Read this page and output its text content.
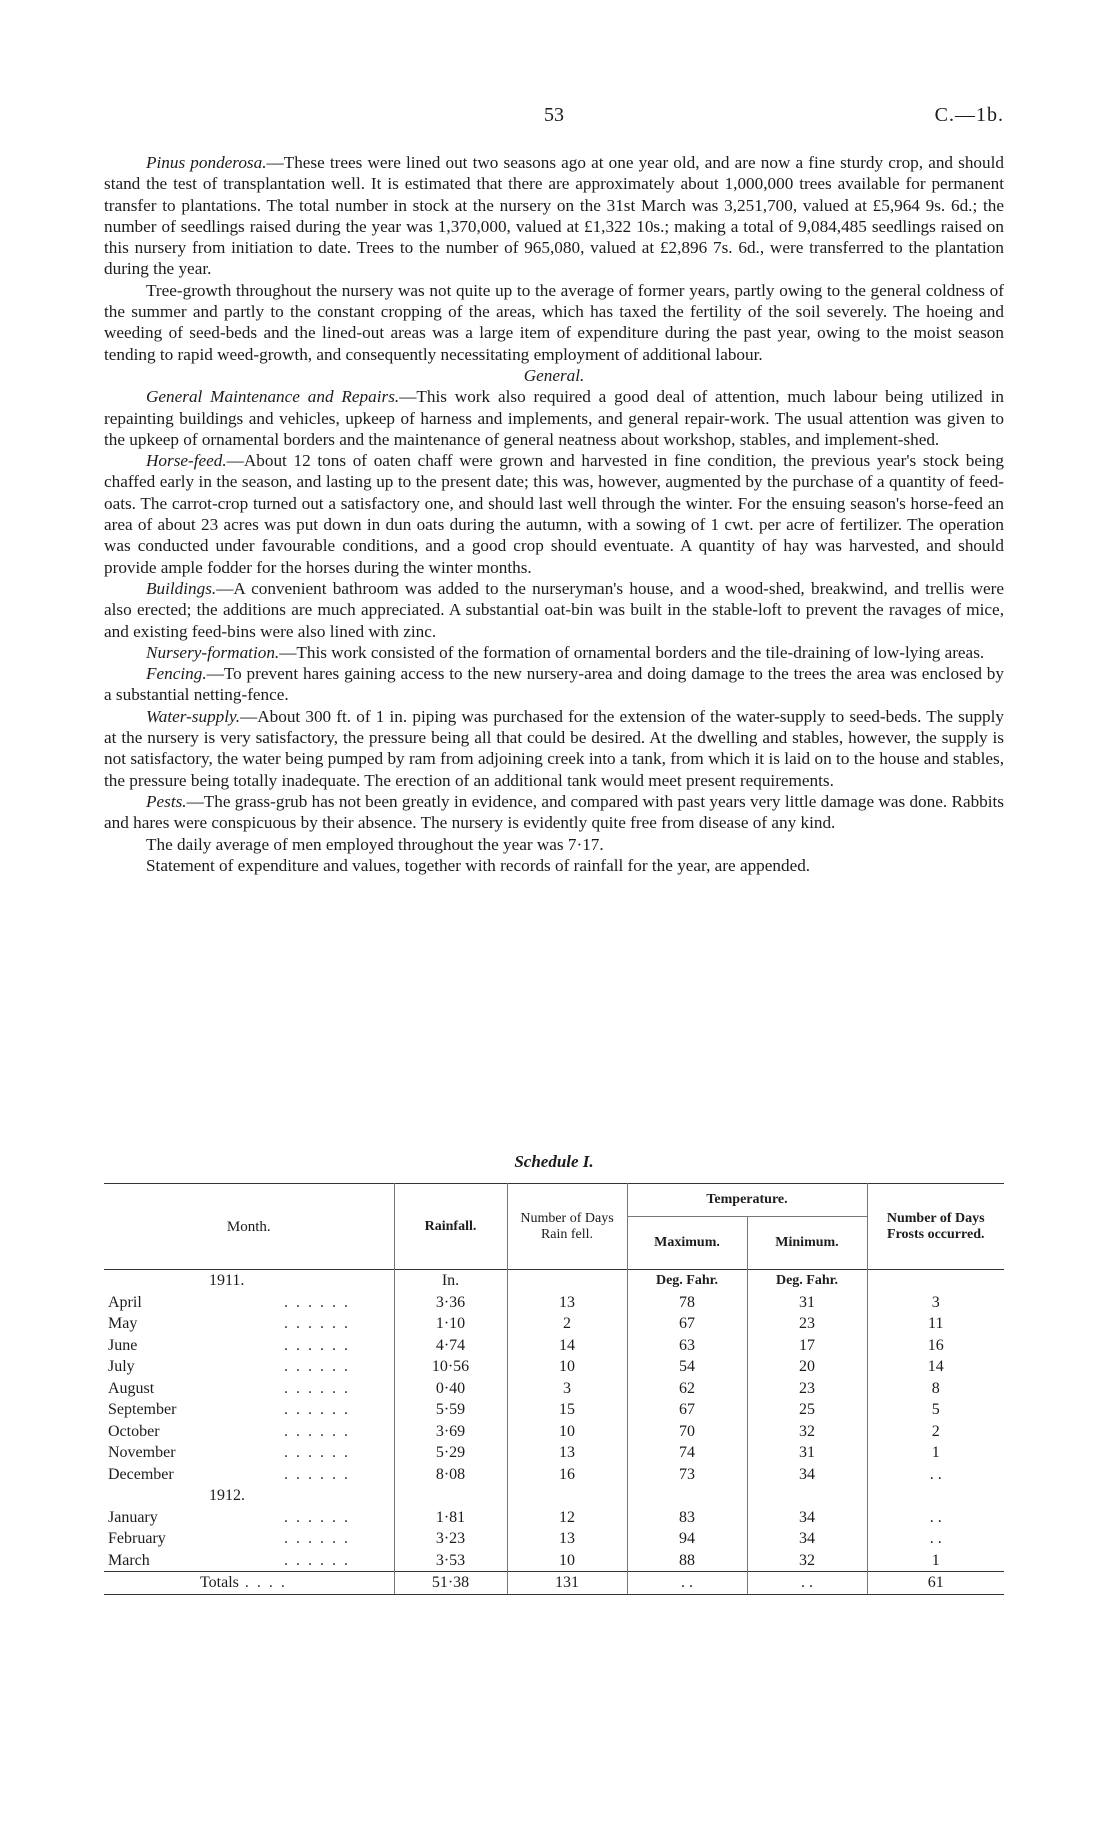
53	C.—1b.

Pinus ponderosa.—These trees were lined out two seasons ago at one year old, and are now a fine sturdy crop, and should stand the test of transplantation well. It is estimated that there are approximately about 1,000,000 trees available for permanent transfer to plantations. The total number in stock at the nursery on the 31st March was 3,251,700, valued at £5,964 9s. 6d.; the number of seedlings raised during the year was 1,370,000, valued at £1,322 10s.; making a total of 9,084,485 seedlings raised on this nursery from initiation to date. Trees to the number of 965,080, valued at £2,896 7s. 6d., were transferred to the plantation during the year.

Tree-growth throughout the nursery was not quite up to the average of former years, partly owing to the general coldness of the summer and partly to the constant cropping of the areas, which has taxed the fertility of the soil severely. The hoeing and weeding of seed-beds and the lined-out areas was a large item of expenditure during the past year, owing to the moist season tending to rapid weed-growth, and consequently necessitating employment of additional labour.

General.

General Maintenance and Repairs.—This work also required a good deal of attention, much labour being utilized in repainting buildings and vehicles, upkeep of harness and implements, and general repair-work. The usual attention was given to the upkeep of ornamental borders and the maintenance of general neatness about workshop, stables, and implement-shed.

Horse-feed.—About 12 tons of oaten chaff were grown and harvested in fine condition, the previous year's stock being chaffed early in the season, and lasting up to the present date; this was, however, augmented by the purchase of a quantity of feed-oats. The carrot-crop turned out a satisfactory one, and should last well through the winter. For the ensuing season's horse-feed an area of about 23 acres was put down in dun oats during the autumn, with a sowing of 1 cwt. per acre of fertilizer. The operation was conducted under favourable conditions, and a good crop should eventuate. A quantity of hay was harvested, and should provide ample fodder for the horses during the winter months.

Buildings.—A convenient bathroom was added to the nurseryman's house, and a wood-shed, breakwind, and trellis were also erected; the additions are much appreciated. A substantial oat-bin was built in the stable-loft to prevent the ravages of mice, and existing feed-bins were also lined with zinc.

Nursery-formation.—This work consisted of the formation of ornamental borders and the tile-draining of low-lying areas.

Fencing.—To prevent hares gaining access to the new nursery-area and doing damage to the trees the area was enclosed by a substantial netting-fence.

Water-supply.—About 300 ft. of 1 in. piping was purchased for the extension of the water-supply to seed-beds. The supply at the nursery is very satisfactory, the pressure being all that could be desired. At the dwelling and stables, however, the supply is not satisfactory, the water being pumped by ram from adjoining creek into a tank, from which it is laid on to the house and stables, the pressure being totally inadequate. The erection of an additional tank would meet present requirements.

Pests.—The grass-grub has not been greatly in evidence, and compared with past years very little damage was done. Rabbits and hares were conspicuous by their absence. The nursery is evidently quite free from disease of any kind.

The daily average of men employed throughout the year was 7·17.

Statement of expenditure and values, together with records of rainfall for the year, are appended.

Schedule I.
Month.	Rainfall.	Number of Days Rain fell.	Temperature.		Number of Days Frosts occurred.
			Maximum.	Minimum.	
1911.	In.		Deg. Fahr.	Deg. Fahr.	
April . . . . . .	3·36	13	78	31	3
May . . . . . .	1·10	2	67	23	11
June . . . . . .	4·74	14	63	17	16
July . . . . . .	10·56	10	54	20	14
August . . . . . .	0·40	3	62	23	8
September . . . . . .	5·59	15	67	25	5
October . . . . . .	3·69	10	70	32	2
November . . . . . .	5·29	13	74	31	1
December . . . . . .	8·08	16	73	34	. .
1912.					
January . . . . . .	1·81	12	83	34	. .
February . . . . . .	3·23	13	94	34	. .
March . . . . . .	3·53	10	88	32	1
Totals . . . .	51·38	131	. .	. .	61
